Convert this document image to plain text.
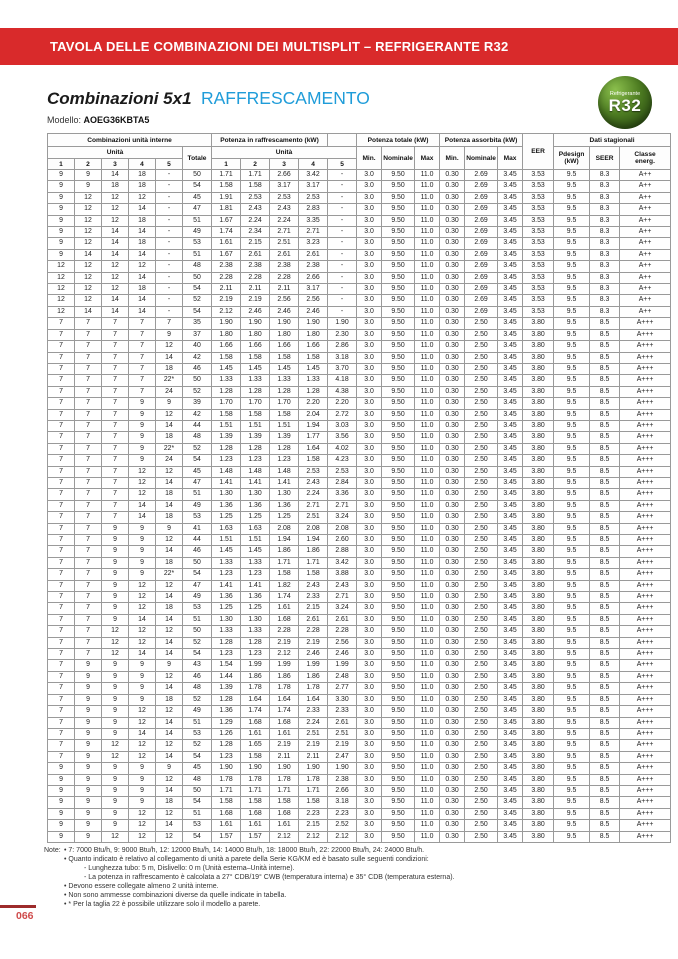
TAVOLA DELLE COMBINAZIONI DEI MULTISPLIT – REFRIGERANTE R32
Combinazioni 5x1 RAFFRESCAMENTO
Modello: AOEG36KBTA5
Refrigerante
R32
Combinazioni unità interne						Potenza in raffrescamento (kW)					Potenza totale (kW)			Potenza assorbita (kW)			EER	Dati stagionali		
Unità					Totale	Unità					Min.	Nominale	Max	Min.	Nominale	Max		Pdesign
(kW)	SEER	Classe
energ.
1	2	3	4	5		1	2	3	4	5										
9	9	14	18	-	50	1.71	1.71	2.66	3.42	-	3.0	9.50	11.0	0.30	2.69	3.45	3.53	9.5	8.3	A++
9	9	18	18	-	54	1.58	1.58	3.17	3.17	-	3.0	9.50	11.0	0.30	2.69	3.45	3.53	9.5	8.3	A++
9	12	12	12	-	45	1.91	2.53	2.53	2.53	-	3.0	9.50	11.0	0.30	2.69	3.45	3.53	9.5	8.3	A++
9	12	12	14	-	47	1.81	2.43	2.43	2.83	-	3.0	9.50	11.0	0.30	2.69	3.45	3.53	9.5	8.3	A++
9	12	12	18	-	51	1.67	2.24	2.24	3.35	-	3.0	9.50	11.0	0.30	2.69	3.45	3.53	9.5	8.3	A++
9	12	14	14	-	49	1.74	2.34	2.71	2.71	-	3.0	9.50	11.0	0.30	2.69	3.45	3.53	9.5	8.3	A++
9	12	14	18	-	53	1.61	2.15	2.51	3.23	-	3.0	9.50	11.0	0.30	2.69	3.45	3.53	9.5	8.3	A++
9	14	14	14	-	51	1.67	2.61	2.61	2.61	-	3.0	9.50	11.0	0.30	2.69	3.45	3.53	9.5	8.3	A++
12	12	12	12	-	48	2.38	2.38	2.38	2.38	-	3.0	9.50	11.0	0.30	2.69	3.45	3.53	9.5	8.3	A++
12	12	12	14	-	50	2.28	2.28	2.28	2.66	-	3.0	9.50	11.0	0.30	2.69	3.45	3.53	9.5	8.3	A++
12	12	12	18	-	54	2.11	2.11	2.11	3.17	-	3.0	9.50	11.0	0.30	2.69	3.45	3.53	9.5	8.3	A++
12	12	14	14	-	52	2.19	2.19	2.56	2.56	-	3.0	9.50	11.0	0.30	2.69	3.45	3.53	9.5	8.3	A++
12	14	14	14	-	54	2.12	2.46	2.46	2.46	-	3.0	9.50	11.0	0.30	2.69	3.45	3.53	9.5	8.3	A++
7	7	7	7	7	35	1.90	1.90	1.90	1.90	1.90	3.0	9.50	11.0	0.30	2.50	3.45	3.80	9.5	8.5	A+++
7	7	7	7	9	37	1.80	1.80	1.80	1.80	2.30	3.0	9.50	11.0	0.30	2.50	3.45	3.80	9.5	8.5	A+++
7	7	7	7	12	40	1.66	1.66	1.66	1.66	2.86	3.0	9.50	11.0	0.30	2.50	3.45	3.80	9.5	8.5	A+++
7	7	7	7	14	42	1.58	1.58	1.58	1.58	3.18	3.0	9.50	11.0	0.30	2.50	3.45	3.80	9.5	8.5	A+++
7	7	7	7	18	46	1.45	1.45	1.45	1.45	3.70	3.0	9.50	11.0	0.30	2.50	3.45	3.80	9.5	8.5	A+++
7	7	7	7	22*	50	1.33	1.33	1.33	1.33	4.18	3.0	9.50	11.0	0.30	2.50	3.45	3.80	9.5	8.5	A+++
7	7	7	7	24	52	1.28	1.28	1.28	1.28	4.38	3.0	9.50	11.0	0.30	2.50	3.45	3.80	9.5	8.5	A+++
7	7	7	9	9	39	1.70	1.70	1.70	2.20	2.20	3.0	9.50	11.0	0.30	2.50	3.45	3.80	9.5	8.5	A+++
7	7	7	9	12	42	1.58	1.58	1.58	2.04	2.72	3.0	9.50	11.0	0.30	2.50	3.45	3.80	9.5	8.5	A+++
7	7	7	9	14	44	1.51	1.51	1.51	1.94	3.03	3.0	9.50	11.0	0.30	2.50	3.45	3.80	9.5	8.5	A+++
7	7	7	9	18	48	1.39	1.39	1.39	1.77	3.56	3.0	9.50	11.0	0.30	2.50	3.45	3.80	9.5	8.5	A+++
7	7	7	9	22*	52	1.28	1.28	1.28	1.64	4.02	3.0	9.50	11.0	0.30	2.50	3.45	3.80	9.5	8.5	A+++
7	7	7	9	24	54	1.23	1.23	1.23	1.58	4.23	3.0	9.50	11.0	0.30	2.50	3.45	3.80	9.5	8.5	A+++
7	7	7	12	12	45	1.48	1.48	1.48	2.53	2.53	3.0	9.50	11.0	0.30	2.50	3.45	3.80	9.5	8.5	A+++
7	7	7	12	14	47	1.41	1.41	1.41	2.43	2.84	3.0	9.50	11.0	0.30	2.50	3.45	3.80	9.5	8.5	A+++
7	7	7	12	18	51	1.30	1.30	1.30	2.24	3.36	3.0	9.50	11.0	0.30	2.50	3.45	3.80	9.5	8.5	A+++
7	7	7	14	14	49	1.36	1.36	1.36	2.71	2.71	3.0	9.50	11.0	0.30	2.50	3.45	3.80	9.5	8.5	A+++
7	7	7	14	18	53	1.25	1.25	1.25	2.51	3.24	3.0	9.50	11.0	0.30	2.50	3.45	3.80	9.5	8.5	A+++
7	7	9	9	9	41	1.63	1.63	2.08	2.08	2.08	3.0	9.50	11.0	0.30	2.50	3.45	3.80	9.5	8.5	A+++
7	7	9	9	12	44	1.51	1.51	1.94	1.94	2.60	3.0	9.50	11.0	0.30	2.50	3.45	3.80	9.5	8.5	A+++
7	7	9	9	14	46	1.45	1.45	1.86	1.86	2.88	3.0	9.50	11.0	0.30	2.50	3.45	3.80	9.5	8.5	A+++
7	7	9	9	18	50	1.33	1.33	1.71	1.71	3.42	3.0	9.50	11.0	0.30	2.50	3.45	3.80	9.5	8.5	A+++
7	7	9	9	22*	54	1.23	1.23	1.58	1.58	3.88	3.0	9.50	11.0	0.30	2.50	3.45	3.80	9.5	8.5	A+++
7	7	9	12	12	47	1.41	1.41	1.82	2.43	2.43	3.0	9.50	11.0	0.30	2.50	3.45	3.80	9.5	8.5	A+++
7	7	9	12	14	49	1.36	1.36	1.74	2.33	2.71	3.0	9.50	11.0	0.30	2.50	3.45	3.80	9.5	8.5	A+++
7	7	9	12	18	53	1.25	1.25	1.61	2.15	3.24	3.0	9.50	11.0	0.30	2.50	3.45	3.80	9.5	8.5	A+++
7	7	9	14	14	51	1.30	1.30	1.68	2.61	2.61	3.0	9.50	11.0	0.30	2.50	3.45	3.80	9.5	8.5	A+++
7	7	12	12	12	50	1.33	1.33	2.28	2.28	2.28	3.0	9.50	11.0	0.30	2.50	3.45	3.80	9.5	8.5	A+++
7	7	12	12	14	52	1.28	1.28	2.19	2.19	2.56	3.0	9.50	11.0	0.30	2.50	3.45	3.80	9.5	8.5	A+++
7	7	12	14	14	54	1.23	1.23	2.12	2.46	2.46	3.0	9.50	11.0	0.30	2.50	3.45	3.80	9.5	8.5	A+++
7	9	9	9	9	43	1.54	1.99	1.99	1.99	1.99	3.0	9.50	11.0	0.30	2.50	3.45	3.80	9.5	8.5	A+++
7	9	9	9	12	46	1.44	1.86	1.86	1.86	2.48	3.0	9.50	11.0	0.30	2.50	3.45	3.80	9.5	8.5	A+++
7	9	9	9	14	48	1.39	1.78	1.78	1.78	2.77	3.0	9.50	11.0	0.30	2.50	3.45	3.80	9.5	8.5	A+++
7	9	9	9	18	52	1.28	1.64	1.64	1.64	3.30	3.0	9.50	11.0	0.30	2.50	3.45	3.80	9.5	8.5	A+++
7	9	9	12	12	49	1.36	1.74	1.74	2.33	2.33	3.0	9.50	11.0	0.30	2.50	3.45	3.80	9.5	8.5	A+++
7	9	9	12	14	51	1.29	1.68	1.68	2.24	2.61	3.0	9.50	11.0	0.30	2.50	3.45	3.80	9.5	8.5	A+++
7	9	9	14	14	53	1.26	1.61	1.61	2.51	2.51	3.0	9.50	11.0	0.30	2.50	3.45	3.80	9.5	8.5	A+++
7	9	12	12	12	52	1.28	1.65	2.19	2.19	2.19	3.0	9.50	11.0	0.30	2.50	3.45	3.80	9.5	8.5	A+++
7	9	12	12	14	54	1.23	1.58	2.11	2.11	2.47	3.0	9.50	11.0	0.30	2.50	3.45	3.80	9.5	8.5	A+++
9	9	9	9	9	45	1.90	1.90	1.90	1.90	1.90	3.0	9.50	11.0	0.30	2.50	3.45	3.80	9.5	8.5	A+++
9	9	9	9	12	48	1.78	1.78	1.78	1.78	2.38	3.0	9.50	11.0	0.30	2.50	3.45	3.80	9.5	8.5	A+++
9	9	9	9	14	50	1.71	1.71	1.71	1.71	2.66	3.0	9.50	11.0	0.30	2.50	3.45	3.80	9.5	8.5	A+++
9	9	9	9	18	54	1.58	1.58	1.58	1.58	3.18	3.0	9.50	11.0	0.30	2.50	3.45	3.80	9.5	8.5	A+++
9	9	9	12	12	51	1.68	1.68	1.68	2.23	2.23	3.0	9.50	11.0	0.30	2.50	3.45	3.80	9.5	8.5	A+++
9	9	9	12	14	53	1.61	1.61	1.61	2.15	2.52	3.0	9.50	11.0	0.30	2.50	3.45	3.80	9.5	8.5	A+++
9	9	12	12	12	54	1.57	1.57	2.12	2.12	2.12	3.0	9.50	11.0	0.30	2.50	3.45	3.80	9.5	8.5	A+++
Note: • 7: 7000 Btu/h, 9: 9000 Btu/h, 12: 12000 Btu/h, 14: 14000 Btu/h, 18: 18000 Btu/h, 22: 22000 Btu/h, 24: 24000 Btu/h.
• Quanto indicato è relativo al collegamento di unità a parete della Serie KG/KM ed è basato sulle seguenti condizioni:
- Lunghezza tubo: 5 m, Dislivello: 0 m (Unità esterna–Unità interne).
- La potenza in raffrescamento è calcolata a 27° CDB/19° CWB (temperatura interna) e 35° CDB (temperatura esterna).
• Devono essere collegate almeno 2 unità interne.
• Non sono ammesse combinazioni diverse da quelle indicate in tabella.
• * Per la taglia 22 è possibile utilizzare solo il modello a parete.
066
